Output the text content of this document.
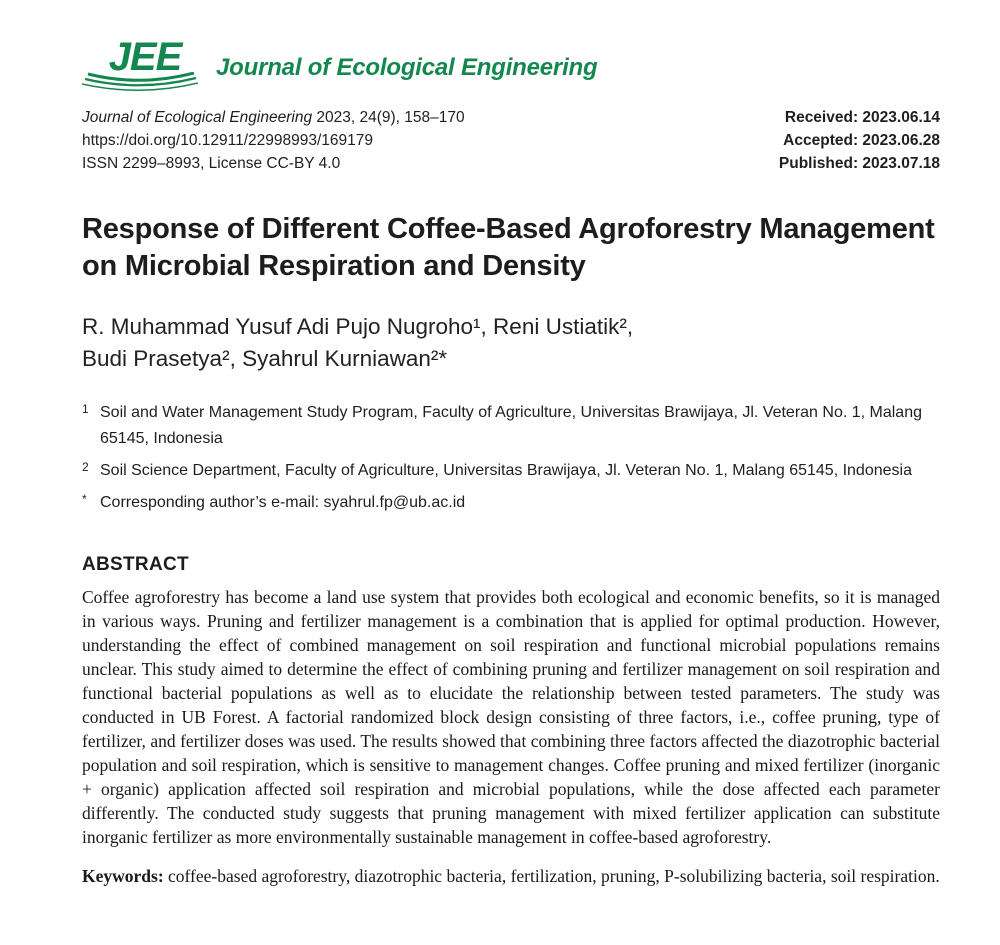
JEE Journal of Ecological Engineering
Journal of Ecological Engineering 2023, 24(9), 158–170
https://doi.org/10.12911/22998993/169179
ISSN 2299–8993, License CC-BY 4.0
Received: 2023.06.14
Accepted: 2023.06.28
Published: 2023.07.18
Response of Different Coffee-Based Agroforestry Management
on Microbial Respiration and Density
R. Muhammad Yusuf Adi Pujo Nugroho¹, Reni Ustiatik²,
Budi Prasetya², Syahrul Kurniawan²*
1 Soil and Water Management Study Program, Faculty of Agriculture, Universitas Brawijaya, Jl. Veteran No. 1, Malang 65145, Indonesia
2 Soil Science Department, Faculty of Agriculture, Universitas Brawijaya, Jl. Veteran No. 1, Malang 65145, Indonesia
* Corresponding author’s e-mail: syahrul.fp@ub.ac.id
ABSTRACT

Coffee agroforestry has become a land use system that provides both ecological and economic benefits, so it is managed in various ways. Pruning and fertilizer management is a combination that is applied for optimal production. However, understanding the effect of combined management on soil respiration and functional microbial populations remains unclear. This study aimed to determine the effect of combining pruning and fertilizer management on soil respiration and functional bacterial populations as well as to elucidate the relationship between tested parameters. The study was conducted in UB Forest. A factorial randomized block design consisting of three factors, i.e., coffee pruning, type of fertilizer, and fertilizer doses was used. The results showed that combining three factors affected the diazotrophic bacterial population and soil respiration, which is sensitive to management changes. Coffee pruning and mixed fertilizer (inorganic + organic) application affected soil respiration and microbial populations, while the dose affected each parameter differently. The conducted study suggests that pruning management with mixed fertilizer application can substitute inorganic fertilizer as more environmentally sustainable management in coffee-based agroforestry.

Keywords: coffee-based agroforestry, diazotrophic bacteria, fertilization, pruning, P-solubilizing bacteria, soil respiration.
